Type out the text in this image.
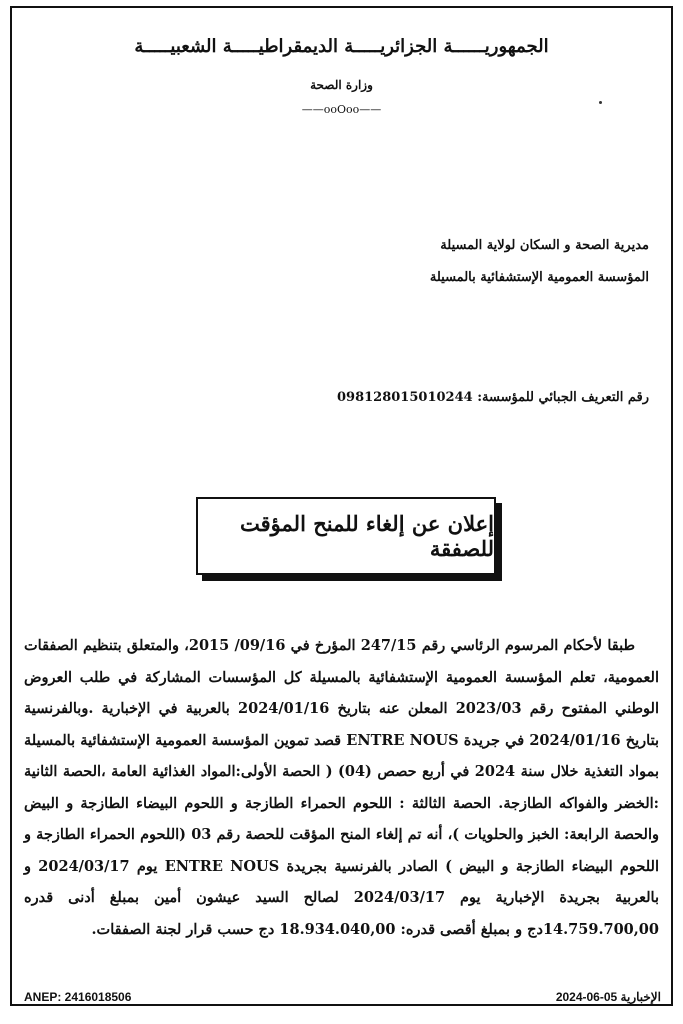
الجمهوريــــــة الجزائريـــــة الديمقراطيـــــة الشعبيـــــة
وزارة الصحة
——ooOoo——
مديرية الصحة و السكان لولاية المسيلة
المؤسسة العمومية الإستشفائية بالمسيلة
رقم التعريف الجبائي للمؤسسة: 098128015010244
إعلان عن إلغاء للمنح المؤقت للصفقة

طبقا لأحكام المرسوم الرئاسي رقم 247/15 المؤرخ في 09/16/ 2015، والمتعلق بتنظيم الصفقات العمومية، تعلم المؤسسة العمومية الإستشفائية بالمسيلة كل المؤسسات المشاركة في طلب العروض الوطني المفتوح رقم 2023/03 المعلن عنه بتاريخ 2024/01/16 بالعربية في الإخبارية .وبالفرنسية بتاريخ 2024/01/16 في جريدة ENTRE NOUS قصد تموين المؤسسة العمومية الإستشفائية بالمسيلة بمواد التغذية خلال سنة 2024 في أربع حصص (04) ( الحصة الأولى:المواد الغذائية العامة ،الحصة الثانية :الخضر والفواكه الطازجة. الحصة الثالثة : اللحوم الحمراء الطازجة و اللحوم البيضاء الطازجة و البيض والحصة الرابعة: الخبز والحلويات )، أنه تم إلغاء المنح المؤقت للحصة رقم 03 (اللحوم الحمراء الطازجة و اللحوم البيضاء الطازجة و البيض ) الصادر بالفرنسية بجريدة ENTRE NOUS يوم 2024/03/17 و بالعربية بجريدة الإخبارية يوم 2024/03/17 لصالح السيد عيشون أمين بمبلغ أدنى قدره 14.759.700,00دج و بمبلغ أقصى قدره: 18.934.040,00 دج حسب قرار لجنة الصفقات.

ANEP: 2416018506	الإخبارية 2024-06-05
